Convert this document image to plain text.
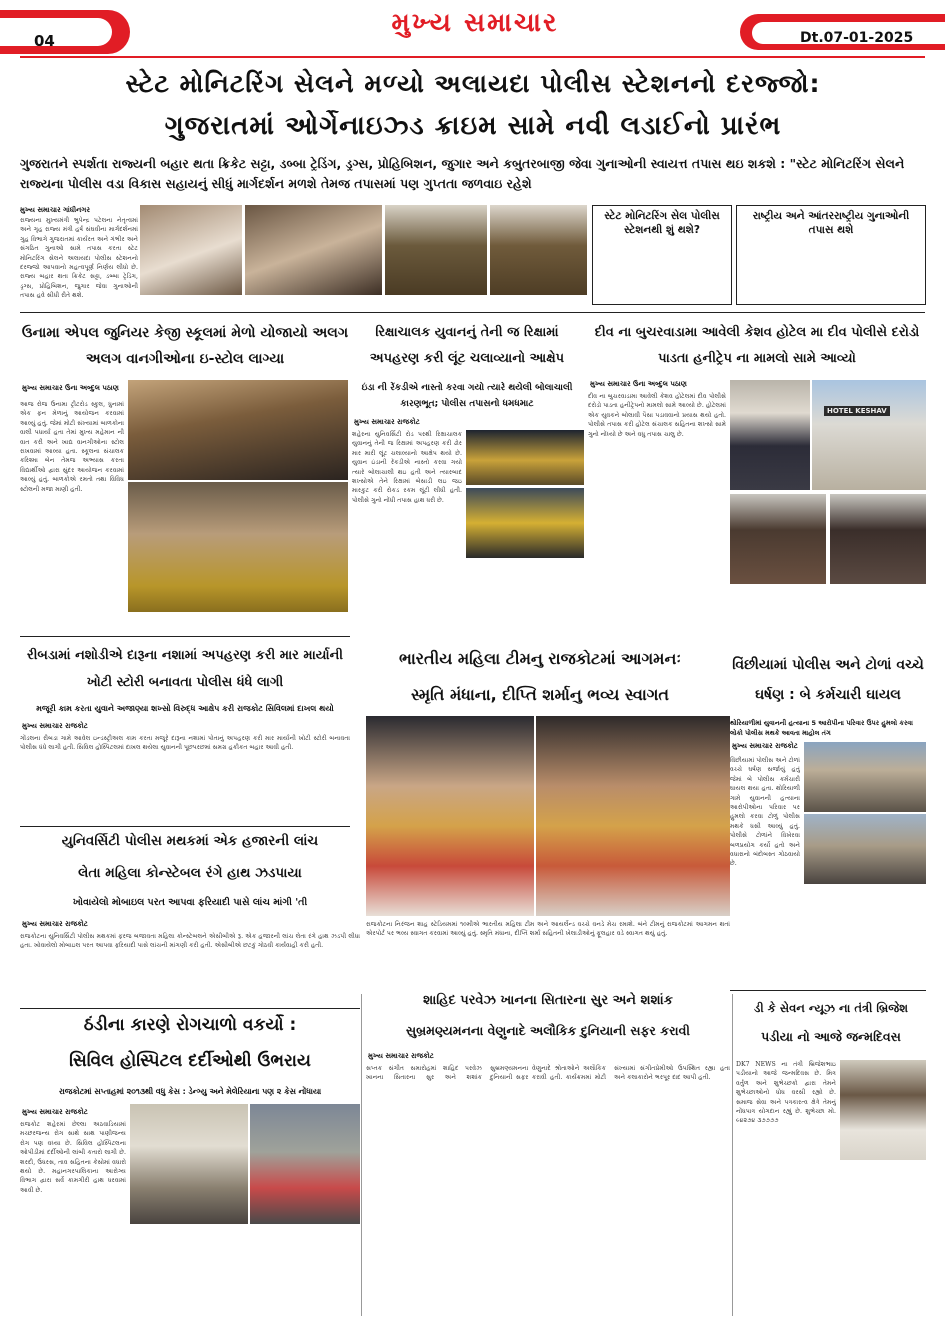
04
મુખ્ય સમાચાર	Dt.07-01-2025
સ્ટેટ મોનિટરિંગ સેલને મળ્યો અલાયદા પોલીસ સ્ટેશનનો દરજ્જો:
ગુજરાતમાં ઓર્ગેનાઇઝ્ડ ક્રાઇમ સામે નવી લડાઈનો પ્રારંભ
ગુજરાતને સ્પર્શતા રાજ્યની બહાર થતા ક્રિકેટ સટ્ટા, ડબ્બા ટ્રેડિંગ, ડ્રગ્સ, પ્રોહિબિશન, જુગાર અને કબુતરબાજી જેવા ગુનાઓની સ્વાયત્ત તપાસ થઇ શકશે : "સ્ટેટ મોનિટરિંગ સેલને રાજ્યના પોલીસ વડા વિકાસ સહાયનું સીધું માર્ગદર્શન મળશે તેમજ તપાસમાં પણ ગુપ્તતા જળવાઇ રહેશે
મુખ્ય સમાચાર ગાંધીનગર
રાજ્યના મુખ્યમંત્રી ભુપેન્દ્ર પટેલના નેતૃત્વમાં અને ગૃહ રાજ્ય મંત્રી હર્ષ સંઘવીના માર્ગદર્શનમાં ગુહ વિભાગે ગુજરાતમાં કાર્યરત અને ગંભીર અને સંગઠિત ગુનાઓ સામે તપાસ કરતા સ્ટેટ મોનિટરિંગ સેલને અલાયદા પોલીસ સ્ટેશનનો દરજ્જો આપવાનો મહત્વપૂર્ણ નિર્ણય લીધો છે. રાજ્ય બહાર થતા ક્રિકેટ સટ્ટા, ડબ્બા ટ્રેડિંગ, ડ્રગ્સ, પ્રોહિબિશન, જુગાર જેવા ગુનાઓની તપાસ હવે સીધી રીતે થશે.
સ્ટેટ મોનિટરિંગ સેલ પોલીસ સ્ટેશનથી શું થશે?
રાષ્ટ્રીય અને આંતરરાષ્ટ્રીય ગુનાઓની તપાસ થશે
ઉનામા એપલ જુનિયર કેજી સ્કૂલમાં મેળો યોજાયો અલગ અલગ વાનગીઓના ઇ-સ્ટોલ લાગ્યા
મુખ્ય સમાચાર ઉના અબ્દુલ પઠાણ
આજ રોજ ઉનામા ટ્રીટરોડ સ્કુલ, ધુનામાં એક ફન મેળાનું આયોજન કરવામાં આવ્યું હતું. જેમાં મોટી સંખ્યામાં બાળકોના વાલી પધાર્યા હતા તેમાં મુખ્ય મહેમાન ની વાત કરી અને ખાદ્ય વાનગીઓના સ્ટોલ રાખવામાં આવ્યા હતા. સ્કૂલના સંચાલક કરિશ્મા બેન તેમજ અભ્યાસ કરતા વિદ્યાર્થીઓ દ્વારા સુંદર આયોજન કરવામાં આવ્યું હતું. બાળકોએ રમતો તથા વિવિધ સ્ટોલની મજા માણી હતી.
રિક્ષાચાલક યુવાનનું તેની જ રિક્ષામાં અપહરણ કરી લૂંટ ચલાવ્યાનો આક્ષેપ
ઇંડા ની રેંકડીએ નાસ્તો કરવા ગયો ત્યારે થયેલી બોલાચાલી કારણભૂત; પોલીસ તપાસનો ધમધમાટ
મુખ્ય સમાચાર રાજકોટ
શહેરના યુનિવર્સિટી રોડ પરથી રિક્ષાચાલક યુવાનનું તેની જ રિક્ષામાં અપહરણ કરી ઢોર માર મારી લૂંટ ચલાવ્યાનો આક્ષેપ થયો છે. યુવાન ઇંડાની રેંકડીએ નાસ્તો કરવા ગયો ત્યારે બોલાચાલી થઇ હતી અને ત્યારબાદ શખ્સોએ તેને રિક્ષામાં બેસાડી લઇ જઇ મારકુટ કરી રોકડ રકમ લૂંટી લીધી હતી. પોલીસે ગુનો નોંધી તપાસ હાથ ધરી છે.
દીવ ના બુચરવાડામા આવેલી કેશવ હોટેલ મા દીવ પોલીસે દરોડો પાડતા હનીટ્રેપ ના મામલો સામે આવ્યો
મુખ્ય સમાચાર ઉના અબ્દુલ પઠાણ
દીવ ના બુચરવાડામા આવેલી કેશવ હોટેલમાં દીવ પોલીસે દરોડો પાડતા હનીટ્રેપનો મામલો સામે આવ્યો છે. હોટેલમાં એક યુવકને બોલાવી પૈસા પડાવવાનો પ્રયાસ થયો હતો. પોલીસે તપાસ કરી હોટેલ સંચાલક સહિતના શખ્સો સામે ગુનો નોંધ્યો છે અને વધુ તપાસ ચાલુ છે.
HOTEL KESHAV
રીબડામાં નશોડીએ દારૂના નશામાં અપહરણ કરી માર માર્યાની ખોટી સ્ટોરી બનાવતા પોલીસ ધંધે લાગી
મજૂરી કામ કરતા યુવાને અજાણ્યા શખ્સો વિરુદ્ધ આક્ષેપ કરી રાજકોટ સિવિલમાં દાખલ થયો
મુખ્ય સમાચાર રાજકોટ
ગોંડલના રીબડા ગામે આવેલ ઇન્ડસ્ટ્રીઅલ કામ કરતા મજૂરે દારૂના નશામાં પોતાનું અપહરણ કરી માર માર્યાની ખોટી સ્ટોરી બનાવતા પોલીસ ધંધે લાગી હતી. સિવિલ હોસ્પિટલમાં દાખલ થયેલા યુવાનની પૂછપરછમાં સમગ્ર હકીકત બહાર આવી હતી.
ભારતીય મહિલા ટીમનુ રાજકોટમાં આગમનઃ
સ્મૃતિ મંધાના, દીપ્તિ શર્માનુ ભવ્ય સ્વાગત
રાજકોટના નિરંજન શાહ સ્ટેડિયમમાં ૧૦મીએ ભારતીય મહિલા ટીમ અને આયર્લેન્ડ વચ્ચે વનડે મેચ રમાશે. બંને ટીમનું રાજકોટમાં આગમન થતાં એરપોર્ટ પર ભવ્ય સ્વાગત કરવામાં આવ્યું હતું. સ્મૃતિ મંધાના, દીપ્તિ શર્મા સહિતની ખેલાડીઓનું ફૂલહાર વડે સ્વાગત થયું હતું.
વિંછીયામાં પોલીસ અને ટોળાં વચ્ચે ઘર્ષણ : બે કર્મચારી ઘાયલ
થોરિયાળીમાં યુવાનની હત્યાના 5 આરોપીના પરિવાર ઉપર હુમલો કરવા લોકો પોલીસ મથકે આવતા માહોલ તંગ
મુખ્ય સમાચાર રાજકોટ
વિંછીયામાં પોલીસ અને ટોળાં વચ્ચે ઘર્ષણ સર્જાયું હતું જેમાં બે પોલીસ કર્મચારી ઘાયલ થયા હતા. થોરિયાળી ગામે યુવાનની હત્યાના આરોપીઓના પરિવાર પર હુમલો કરવા ટોળું પોલીસ મથકે ધસી આવ્યું હતું. પોલીસે ટોળાંને વિખેરવા બળપ્રયોગ કર્યો હતો અને વધારાનો બંદોબસ્ત ગોઠવાયો છે.
યુનિવર્સિટી પોલીસ મથકમાં એક હજારની લાંચ
લેતા મહિલા કોન્સ્ટેબલ રંગે હાથ ઝડપાયા
ખોવાયેલો મોબાઇલ પરત આપવા ફરિયાદી પાસે લાંચ માંગી 'તી
મુખ્ય સમાચાર રાજકોટ
રાજકોટના યુનિવર્સિટી પોલીસ મથકમાં ફરજ બજાવતા મહિલા કોન્સ્ટેબલને એસીબીએ રૂ. એક હજારની લાંચ લેતા રંગે હાથ ઝડપી લીધા હતા. ખોવાયેલો મોબાઇલ પરત આપવા ફરિયાદી પાસે લાંચની માંગણી કરી હતી. એસીબીએ છટકું ગોઠવી કાર્યવાહી કરી હતી.
શાહિદ પરવેઝ ખાનના સિતારના સુર અને શશાંક
સુબ્રમણ્યમનના વેણુનાદે અલૌકિક દુનિયાની સફર કરાવી
મુખ્ય સમાચાર રાજકોટ
સપ્તક સંગીત સમારોહમાં શાહિદ પરવેઝ ખાનના સિતારના સુર અને શશાંક સુબ્રમણ્યમનના વેણુનાદે શ્રોતાઓને અલૌકિક દુનિયાની સફર કરાવી હતી. કાર્યક્રમમાં મોટી સંખ્યામાં સંગીતપ્રેમીઓ ઉપસ્થિત રહ્યા હતા અને કલાકારોને ભરપૂર દાદ આપી હતી.
ડી કે સેવન ન્યૂઝ ના તંત્રી બ્રિજેશ
પડીયા નો આજે જન્મદિવસ
DK7 NEWS ના તંત્રી બ્રિજેશભાઇ પડીયાનો આજે જન્મદિવસ છે. મિત્ર વર્તુળ અને શુભેચ્છકો દ્વારા તેમને શુભેચ્છાઓનો ધોધ વરસી રહ્યો છે. સમાજ સેવા અને પત્રકારત્વ ક્ષેત્રે તેમનું નોંધપાત્ર યોગદાન રહ્યું છે. શુભેચ્છા મો. ૯૪૨૭૪ ૩૭૭૭૭
ઠંડીના કારણે રોગચાળો વકર્યો :
સિવિલ હોસ્પિટલ દર્દીઓથી ઉભરાય
રાજકોટમાં સપ્તાહમાં ૨૦૧૩થી વધુ કેસ : ડેન્ગ્યુ અને મેલેરિયાના પણ ૨ કેસ નોંધાયા
મુખ્ય સમાચાર રાજકોટ
રાજકોટ શહેરમાં છેલ્લા અઠવાડિયામાં મચ્છરજન્ય રોગ સાથે સાથ પાણીજન્ય રોગ પણ વધ્યા છે. સિવિલ હોસ્પિટલના ઓપીડીમાં દર્દીઓની લાંબી કતારો લાગી છે. શરદી, ઉધરસ, તાવ સહિતના કેસોમાં વધારો થયો છે. મહાનગરપાલિકાના આરોગ્ય વિભાગ દ્વારા સર્વે કામગીરી હાથ ધરવામાં આવી છે.
